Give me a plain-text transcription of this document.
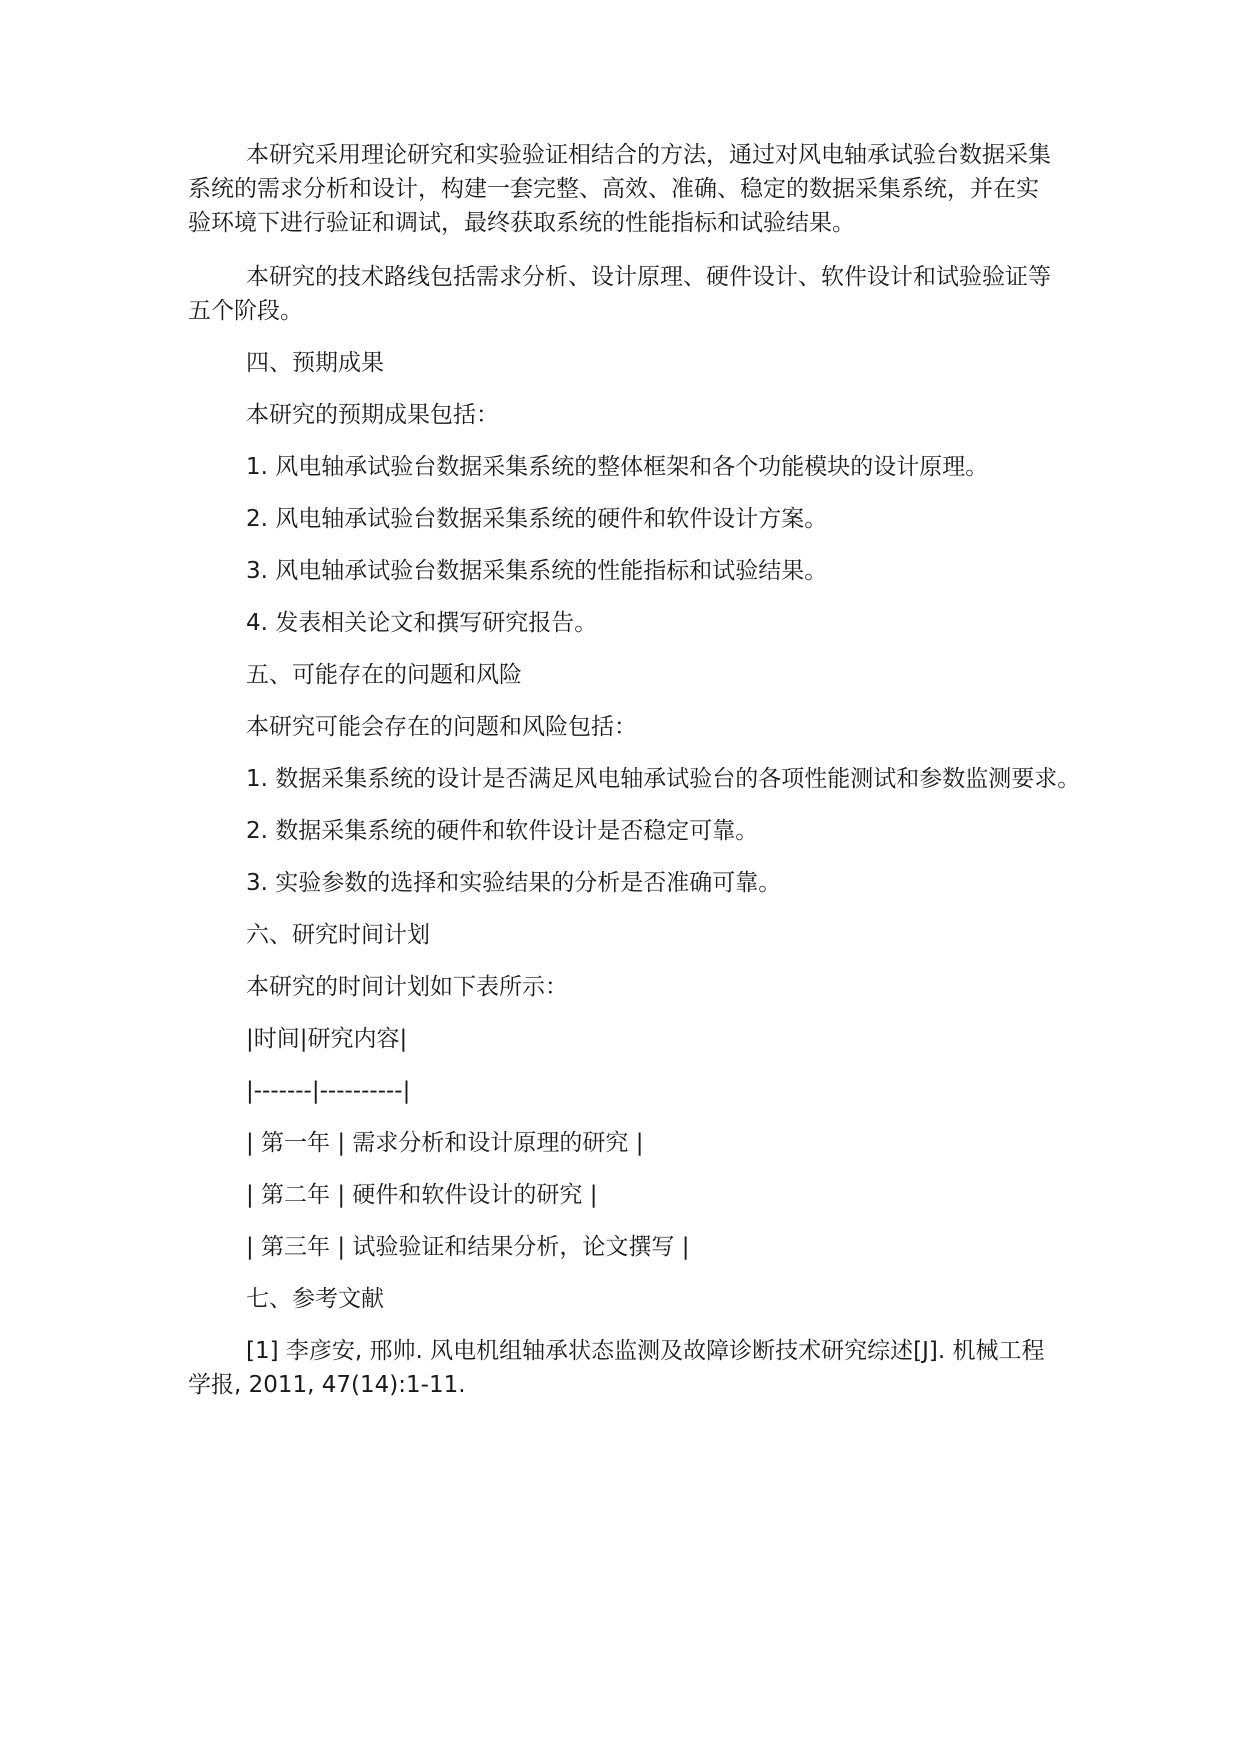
本研究采用理论研究和实验验证相结合的方法，通过对风电轴承试验台数据采集
系统的需求分析和设计，构建一套完整、高效、准确、稳定的数据采集系统，并在实
验环境下进行验证和调试，最终获取系统的性能指标和试验结果。
本研究的技术路线包括需求分析、设计原理、硬件设计、软件设计和试验验证等
五个阶段。
四、预期成果
本研究的预期成果包括：
1. 风电轴承试验台数据采集系统的整体框架和各个功能模块的设计原理。
2. 风电轴承试验台数据采集系统的硬件和软件设计方案。
3. 风电轴承试验台数据采集系统的性能指标和试验结果。
4. 发表相关论文和撰写研究报告。
五、可能存在的问题和风险
本研究可能会存在的问题和风险包括：
1. 数据采集系统的设计是否满足风电轴承试验台的各项性能测试和参数监测要求。
2. 数据采集系统的硬件和软件设计是否稳定可靠。
3. 实验参数的选择和实验结果的分析是否准确可靠。
六、研究时间计划
本研究的时间计划如下表所示：
|时间|研究内容|
|-------|----------|
| 第一年 | 需求分析和设计原理的研究 |
| 第二年 | 硬件和软件设计的研究 |
| 第三年 | 试验验证和结果分析，论文撰写 |
七、参考文献
[1] 李彦安, 邢帅. 风电机组轴承状态监测及故障诊断技术研究综述[J]. 机械工程
学报, 2011, 47(14):1-11.
